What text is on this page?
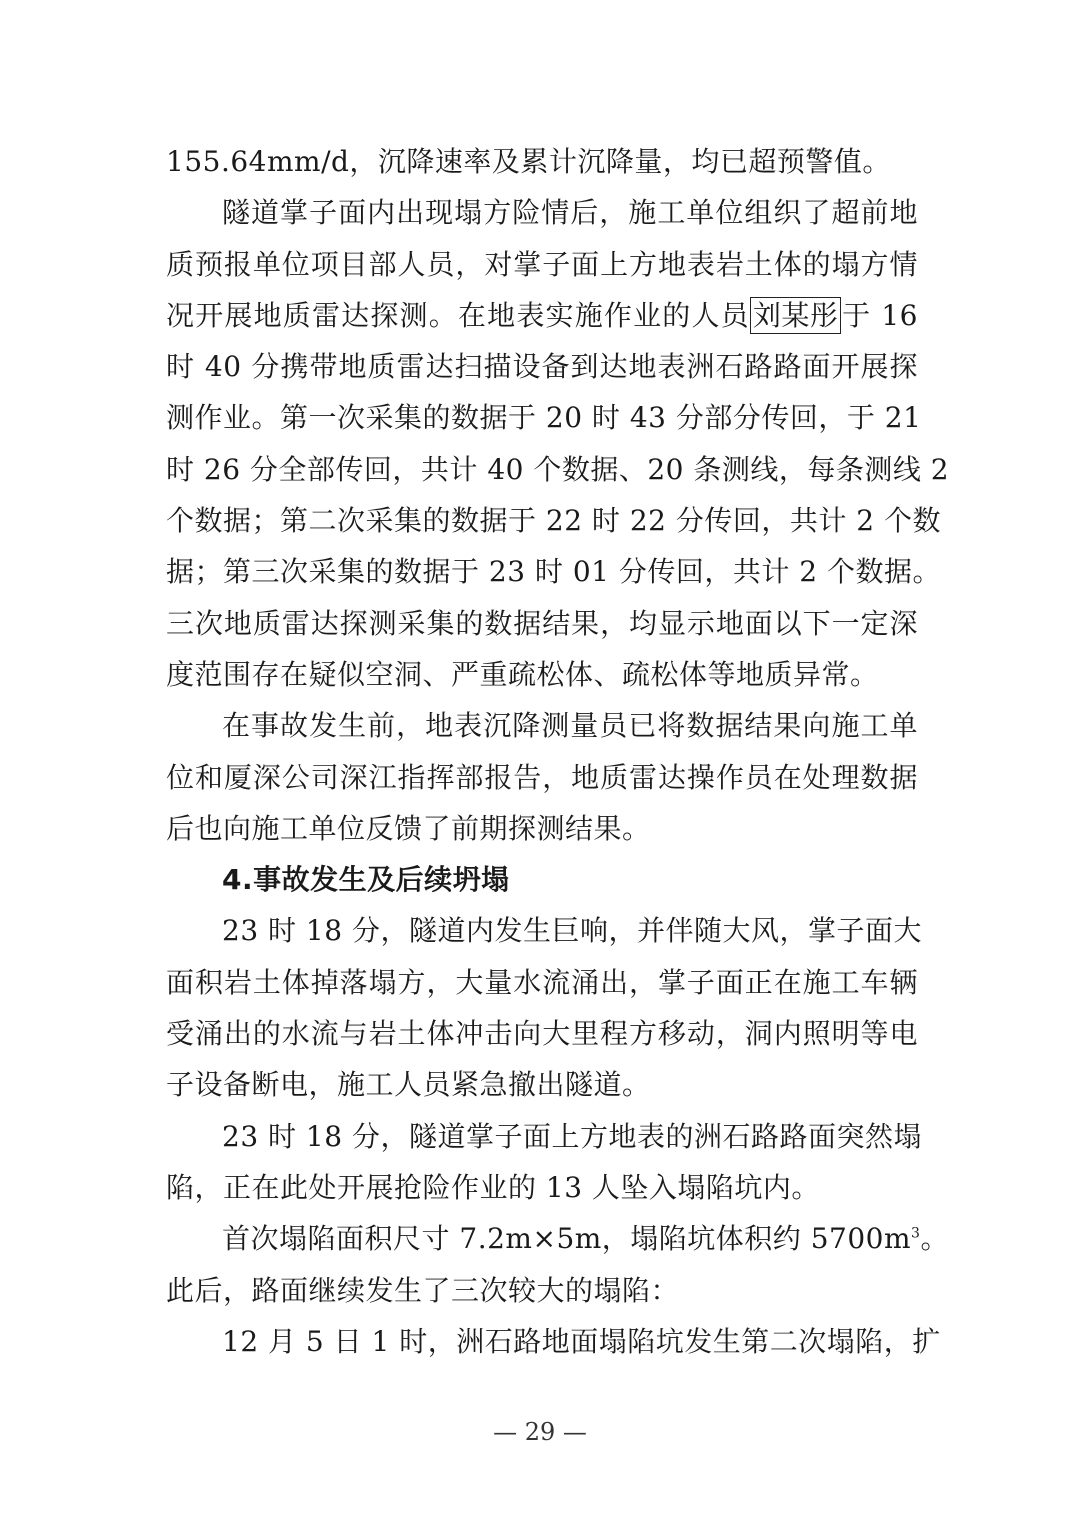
155.64mm/d，沉降速率及累计沉降量，均已超预警值。
隧道掌子面内出现塌方险情后，施工单位组织了超前地
质预报单位项目部人员，对掌子面上方地表岩土体的塌方情
况开展地质雷达探测。在地表实施作业的人员 刘某彤 于 16
时 40 分携带地质雷达扫描设备到达地表洲石路路面开展探
测作业。第一次采集的数据于 20 时 43 分部分传回，于 21
时 26 分全部传回，共计 40 个数据、20 条测线，每条测线 2
个数据；第二次采集的数据于 22 时 22 分传回，共计 2 个数
据；第三次采集的数据于 23 时 01 分传回，共计 2 个数据。
三次地质雷达探测采集的数据结果，均显示地面以下一定深
度范围存在疑似空洞、严重疏松体、疏松体等地质异常。
在事故发生前，地表沉降测量员已将数据结果向施工单
位和厦深公司深江指挥部报告，地质雷达操作员在处理数据
后也向施工单位反馈了前期探测结果。
4.事故发生及后续坍塌
23 时 18 分，隧道内发生巨响，并伴随大风，掌子面大
面积岩土体掉落塌方，大量水流涌出，掌子面正在施工车辆
受涌出的水流与岩土体冲击向大里程方移动，洞内照明等电
子设备断电，施工人员紧急撤出隧道。
23 时 18 分，隧道掌子面上方地表的洲石路路面突然塌
陷，正在此处开展抢险作业的 13 人坠入塌陷坑内。
首次塌陷面积尺寸 7.2m×5m，塌陷坑体积约 $5700m^3$。
此后，路面继续发生了三次较大的塌陷：
12 月 5 日 1 时，洲石路地面塌陷坑发生第二次塌陷，扩
— 29 —
